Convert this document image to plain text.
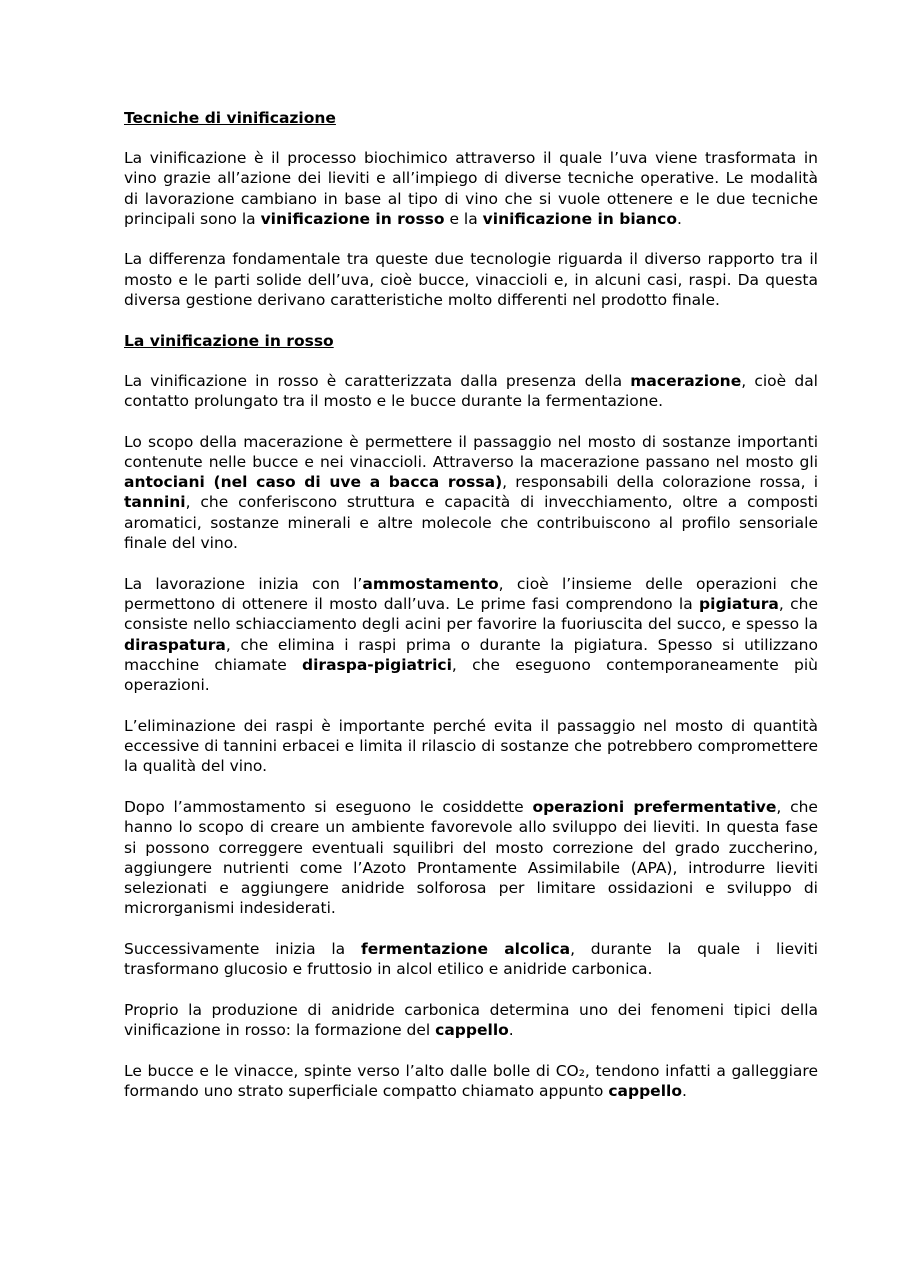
Tecniche di vinificazione

La vinificazione è il processo biochimico attraverso il quale l’uva viene trasformata in vino grazie all’azione dei lieviti e all’impiego di diverse tecniche operative. Le modalità di lavorazione cambiano in base al tipo di vino che si vuole ottenere e le due tecniche principali sono la vinificazione in rosso e la vinificazione in bianco.

La differenza fondamentale tra queste due tecnologie riguarda il diverso rapporto tra il mosto e le parti solide dell’uva, cioè bucce, vinaccioli e, in alcuni casi, raspi. Da questa diversa gestione derivano caratteristiche molto differenti nel prodotto finale.

La vinificazione in rosso

La vinificazione in rosso è caratterizzata dalla presenza della macerazione, cioè dal contatto prolungato tra il mosto e le bucce durante la fermentazione.

Lo scopo della macerazione è permettere il passaggio nel mosto di sostanze importanti contenute nelle bucce e nei vinaccioli. Attraverso la macerazione passano nel mosto gli antociani (nel caso di uve a bacca rossa), responsabili della colorazione rossa, i tannini, che conferiscono struttura e capacità di invecchiamento, oltre a composti aromatici, sostanze minerali e altre molecole che contribuiscono al profilo sensoriale finale del vino.

La lavorazione inizia con l’ammostamento, cioè l’insieme delle operazioni che permettono di ottenere il mosto dall’uva. Le prime fasi comprendono la pigiatura, che consiste nello schiacciamento degli acini per favorire la fuoriuscita del succo, e spesso la diraspatura, che elimina i raspi prima o durante la pigiatura. Spesso si utilizzano macchine chiamate diraspa-pigiatrici, che eseguono contemporaneamente più operazioni.

L’eliminazione dei raspi è importante perché evita il passaggio nel mosto di quantità eccessive di tannini erbacei e limita il rilascio di sostanze che potrebbero compromettere la qualità del vino.

Dopo l’ammostamento si eseguono le cosiddette operazioni prefermentative, che hanno lo scopo di creare un ambiente favorevole allo sviluppo dei lieviti. In questa fase si possono correggere eventuali squilibri del mosto correzione del grado zuccherino, aggiungere nutrienti come l’Azoto Prontamente Assimilabile (APA), introdurre lieviti selezionati e aggiungere anidride solforosa per limitare ossidazioni e sviluppo di microrganismi indesiderati.

Successivamente inizia la fermentazione alcolica, durante la quale i lieviti trasformano glucosio e fruttosio in alcol etilico e anidride carbonica.

Proprio la produzione di anidride carbonica determina uno dei fenomeni tipici della vinificazione in rosso: la formazione del cappello.

Le bucce e le vinacce, spinte verso l’alto dalle bolle di CO₂, tendono infatti a galleggiare formando uno strato superficiale compatto chiamato appunto cappello.
